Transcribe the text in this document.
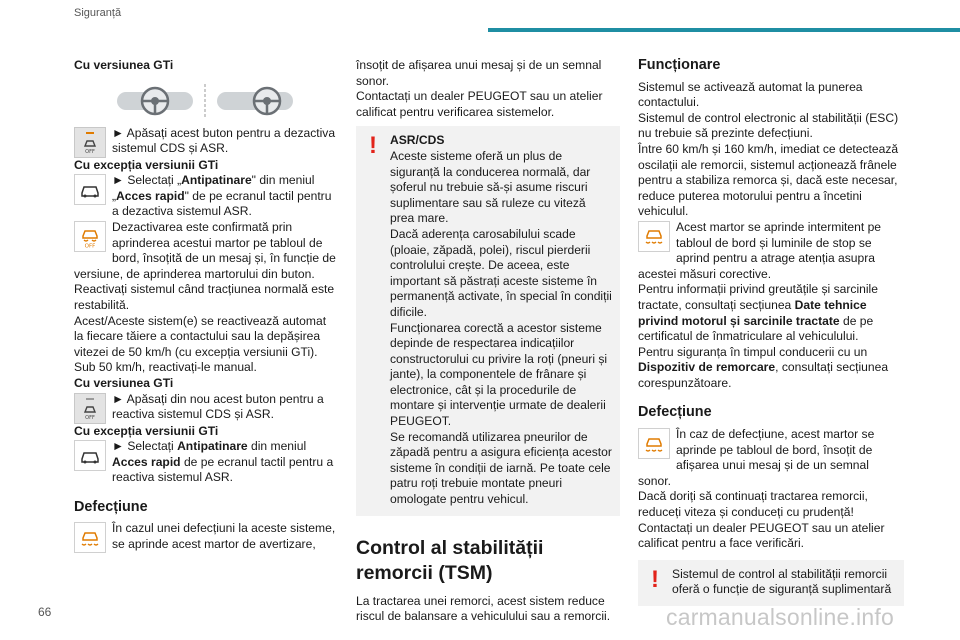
Siguranță

Cu versiunea GTi

OFF

► Apăsați acest buton pentru a dezactiva sistemul CDS și ASR.

Cu excepția versiunii GTi

► Selectați „Antipatinare" din meniul „Acces rapid" de pe ecranul tactil pentru a dezactiva sistemul ASR.

OFF

Dezactivarea este confirmată prin aprinderea acestui martor pe tabloul de bord, însoțită de un mesaj și, în funcție de versiune, de aprinderea martorului din buton.

Reactivați sistemul când tracțiunea normală este restabilită.

Acest/Aceste sistem(e) se reactivează automat la fiecare tăiere a contactului sau la depășirea vitezei de 50 km/h (cu excepția versiunii GTi).

Sub 50 km/h, reactivați-le manual.

Cu versiunea GTi

OFF

► Apăsați din nou acest buton pentru a reactiva sistemul CDS și ASR.

Cu excepția versiunii GTi

► Selectați Antipatinare din meniul Acces rapid de pe ecranul tactil pentru a reactiva sistemul ASR.

Defecțiune

În cazul unei defecțiuni la aceste sisteme, se aprinde acest martor de avertizare,

însoțit de afișarea unui mesaj și de un semnal sonor.

Contactați un dealer PEUGEOT sau un atelier calificat pentru verificarea sistemelor.

! ASR/CDS

Aceste sisteme oferă un plus de siguranță la conducerea normală, dar șoferul nu trebuie să-și asume riscuri suplimentare sau să ruleze cu viteză prea mare.

Dacă aderența carosabilului scade (ploaie, zăpadă, polei), riscul pierderii controlului crește. De aceea, este important să păstrați aceste sisteme în permanență activate, în special în condiții dificile.

Funcționarea corectă a acestor sisteme depinde de respectarea indicațiilor constructorului cu privire la roți (pneuri și jante), la componentele de frânare și electronice, cât și la procedurile de montare și intervenție urmate de dealerii PEUGEOT.

Se recomandă utilizarea pneurilor de zăpadă pentru a asigura eficiența acestor sisteme în condiții de iarnă. Pe toate cele patru roți trebuie montate pneuri omologate pentru vehicul.

Control al stabilității remorcii (TSM)

La tractarea unei remorci, acest sistem reduce riscul de balansare a vehiculului sau a remorcii.

Funcționare

Sistemul se activează automat la punerea contactului.

Sistemul de control electronic al stabilității (ESC) nu trebuie să prezinte defecțiuni.

Între 60 km/h și 160 km/h, imediat ce detectează oscilații ale remorcii, sistemul acționează frânele pentru a stabiliza remorca și, dacă este necesar, reduce puterea motorului pentru a încetini vehiculul.

Acest martor se aprinde intermitent pe tabloul de bord și luminile de stop se aprind pentru a atrage atenția asupra acestei măsuri corective.

Pentru informații privind greutățile și sarcinile tractate, consultați secțiunea Date tehnice privind motorul și sarcinile tractate de pe certificatul de înmatriculare al vehiculului.

Pentru siguranța în timpul conducerii cu un Dispozitiv de remorcare, consultați secțiunea corespunzătoare.

Defecțiune

În caz de defecțiune, acest martor se aprinde pe tabloul de bord, însoțit de afișarea unui mesaj și de un semnal sonor.

Dacă doriți să continuați tractarea remorcii, reduceți viteza și conduceți cu prudență!

Contactați un dealer PEUGEOT sau un atelier calificat pentru a face verificări.

! Sistemul de control al stabilității remorcii oferă o funcție de siguranță suplimentară

66	carmanualsonline.info
